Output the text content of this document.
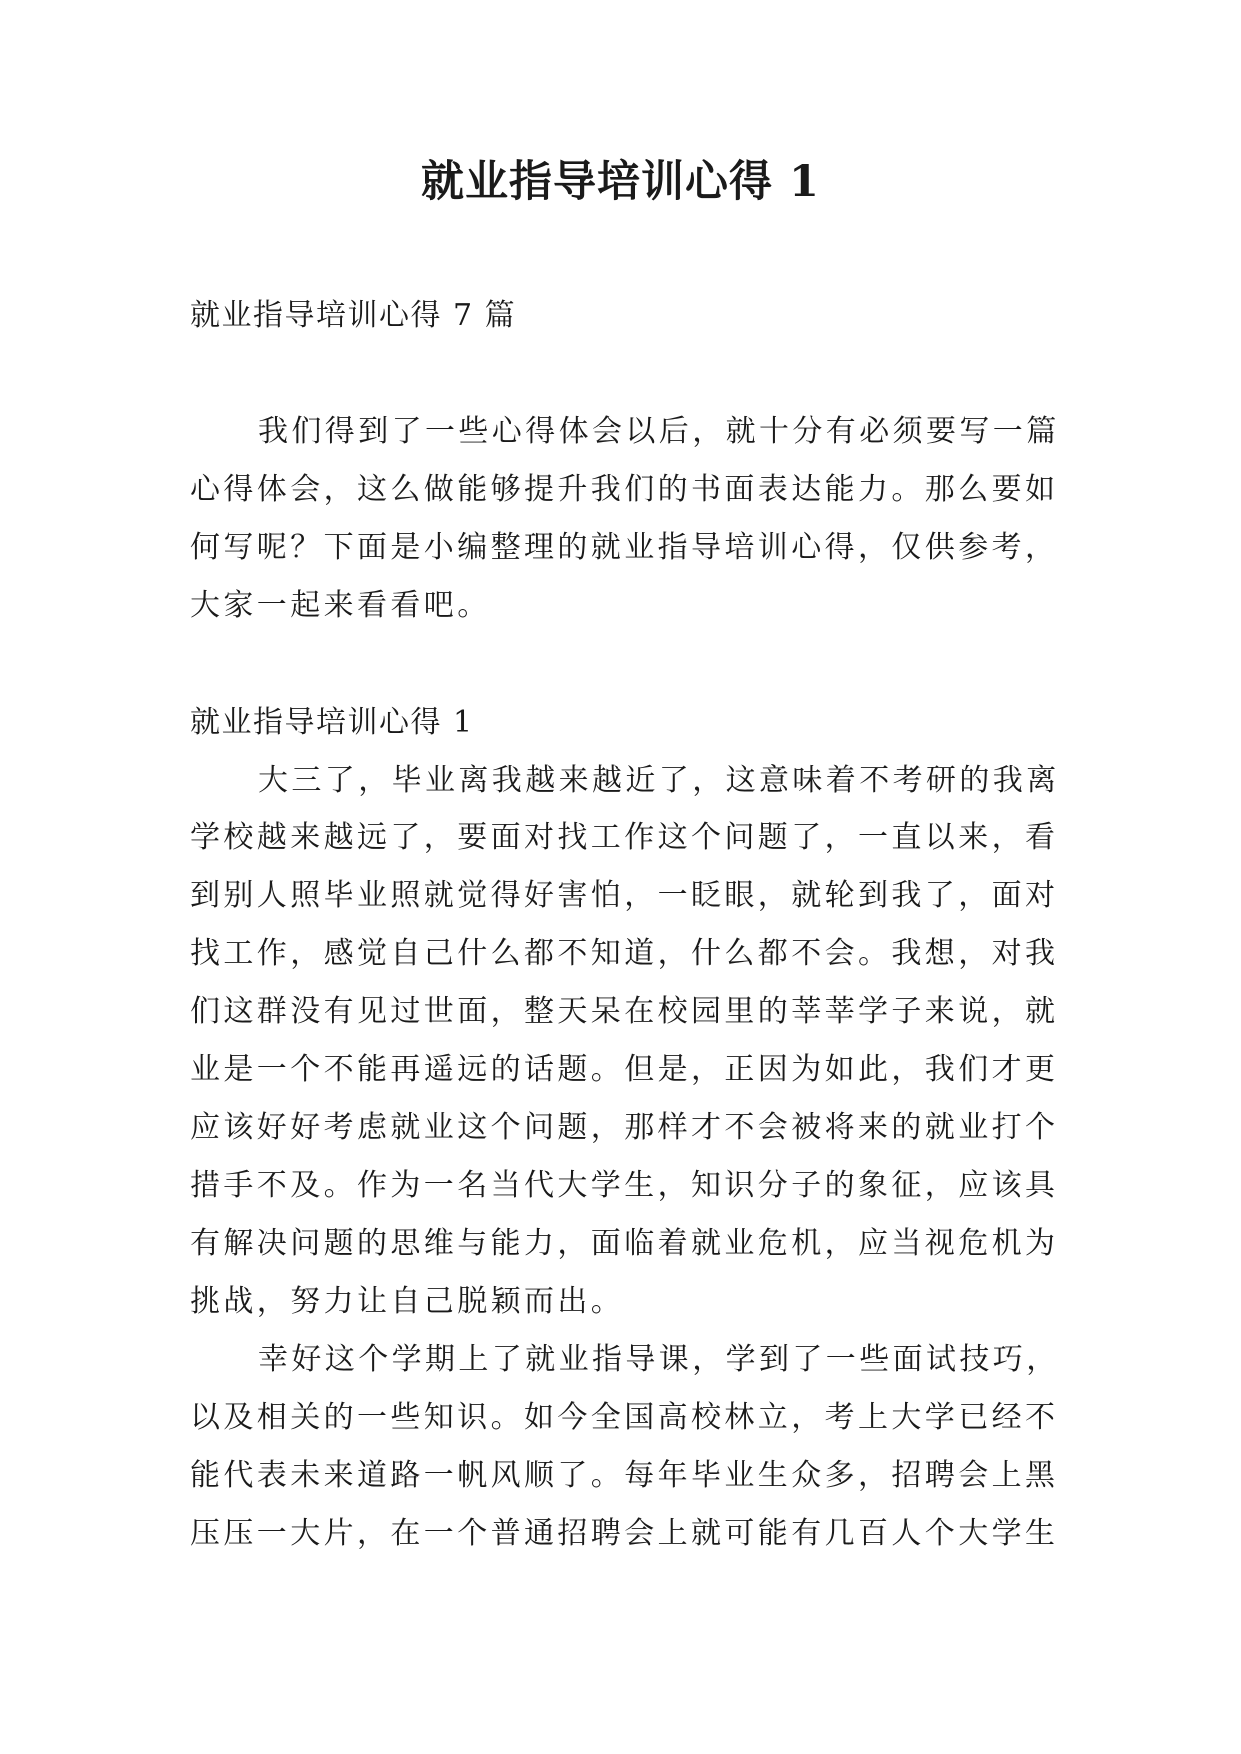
就业指导培训心得 1

就业指导培训心得 7 篇

我们得到了一些心得体会以后，就十分有必须要写一篇

心得体会，这么做能够提升我们的书面表达能力。那么要如

何写呢？下面是小编整理的就业指导培训心得，仅供参考，

大家一起来看看吧。

就业指导培训心得 1

大三了，毕业离我越来越近了，这意味着不考研的我离

学校越来越远了，要面对找工作这个问题了，一直以来，看

到别人照毕业照就觉得好害怕，一眨眼，就轮到我了，面对

找工作，感觉自己什么都不知道，什么都不会。我想，对我

们这群没有见过世面，整天呆在校园里的莘莘学子来说，就

业是一个不能再遥远的话题。但是，正因为如此，我们才更

应该好好考虑就业这个问题，那样才不会被将来的就业打个

措手不及。作为一名当代大学生，知识分子的象征，应该具

有解决问题的思维与能力，面临着就业危机，应当视危机为

挑战，努力让自己脱颖而出。

幸好这个学期上了就业指导课，学到了一些面试技巧，

以及相关的一些知识。如今全国高校林立，考上大学已经不

能代表未来道路一帆风顺了。每年毕业生众多，招聘会上黑

压压一大片，在一个普通招聘会上就可能有几百人个大学生
